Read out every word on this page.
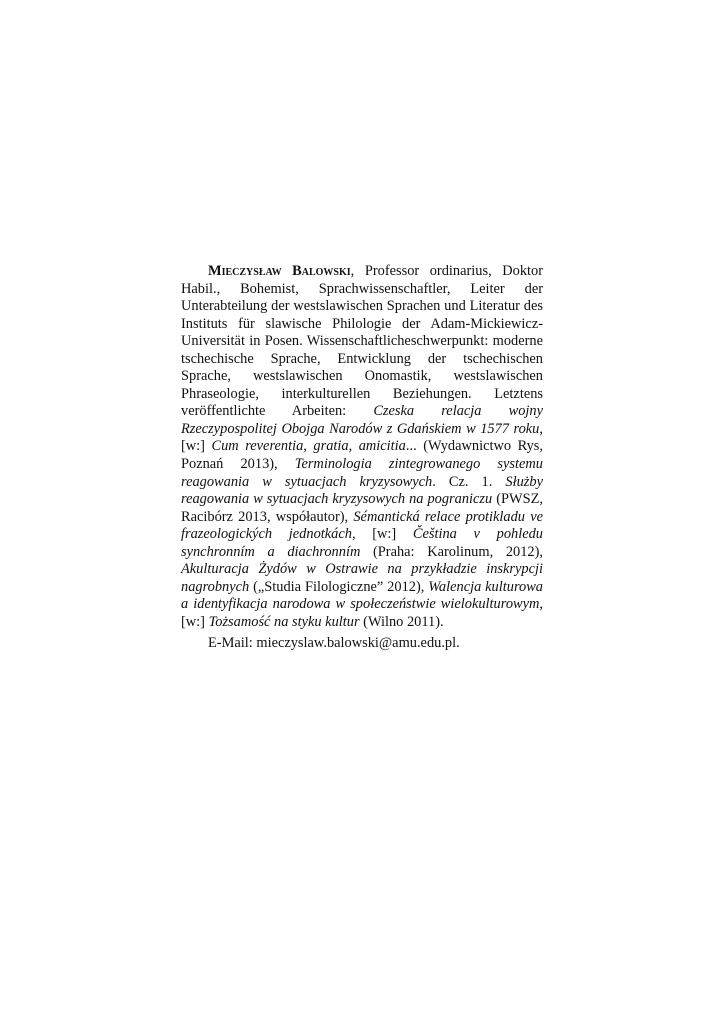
Mieczysław Balowski, Professor ordinarius, Doktor Habil., Bohemist, Sprachwissenschaftler, Leiter der Unterabteilung der westslawischen Sprachen und Literatur des Instituts für slawische Philologie der Adam-Mickiewicz-Universität in Posen. Wissenschaftlicheschwerpunkt: moderne tschechische Sprache, Entwicklung der tschechischen Sprache, westslawischen Onomastik, westslawischen Phraseologie, interkulturellen Beziehungen. Letztens veröffentlichte Arbeiten: Czeska relacja wojny Rzeczypospolitej Obojga Narodów z Gdańskiem w 1577 roku, [w:] Cum reverentia, gratia, amicitia... (Wydawnictwo Rys, Poznań 2013), Terminologia zintegrowanego systemu reagowania w sytuacjach kryzysowych. Cz. 1. Służby reagowania w sytuacjach kryzysowych na pograniczu (PWSZ, Racibórz 2013, współautor), Sémantická relace protikladu ve frazeologických jednotkách, [w:] Čeština v pohledu synchronním a diachronním (Praha: Karolinum, 2012), Akulturacja Żydów w Ostrawie na przykładzie inskrypcji nagrobnych („Studia Filologiczne” 2012), Walencja kulturowa a identyfikacja narodowa w społeczeństwie wielokulturowym, [w:] Tożsamość na styku kultur (Wilno 2011).

E-Mail: mieczyslaw.balowski@amu.edu.pl.
